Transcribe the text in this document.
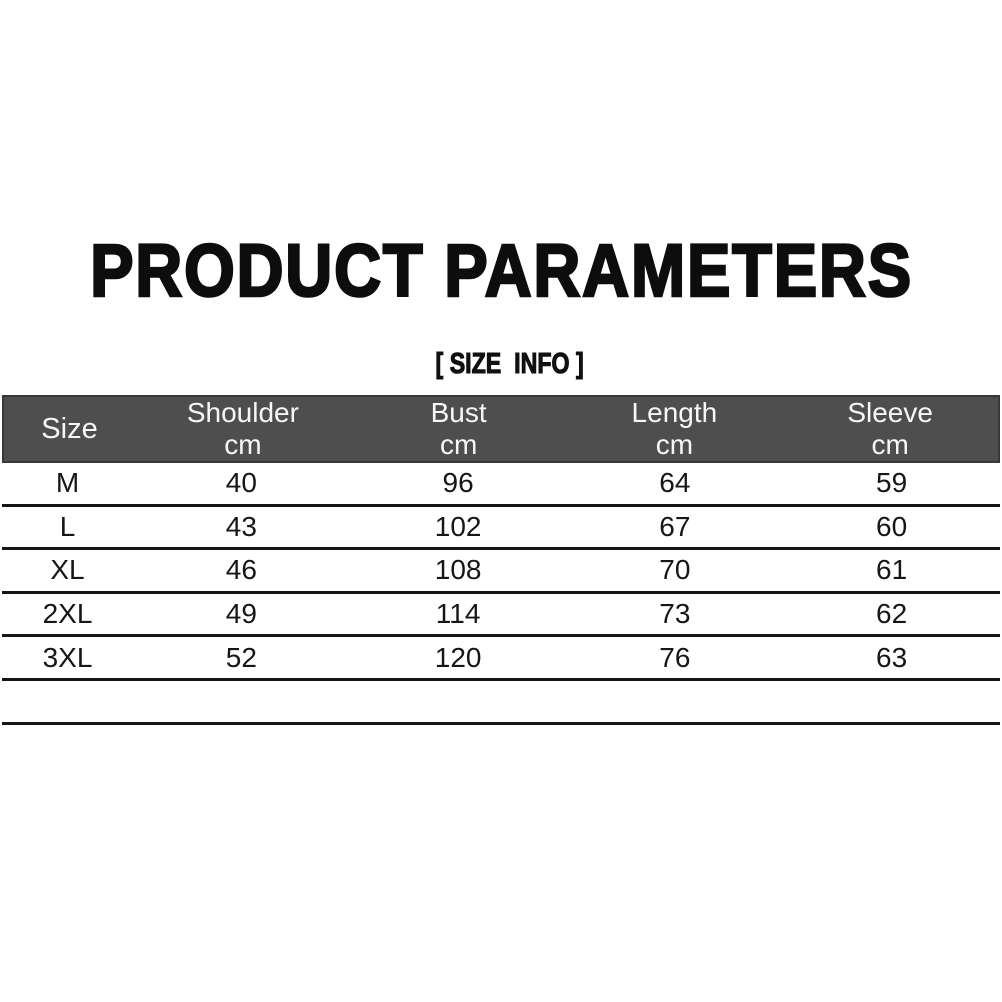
PRODUCT PARAMETERS

[ SIZE  INFO ]

Size	Shoulder	Bust	Length	Sleeve
cm	cm	cm	cm
M	40	96	64	59
L	43	102	67	60
XL	46	108	70	61
2XL	49	114	73	62
3XL	52	120	76	63
